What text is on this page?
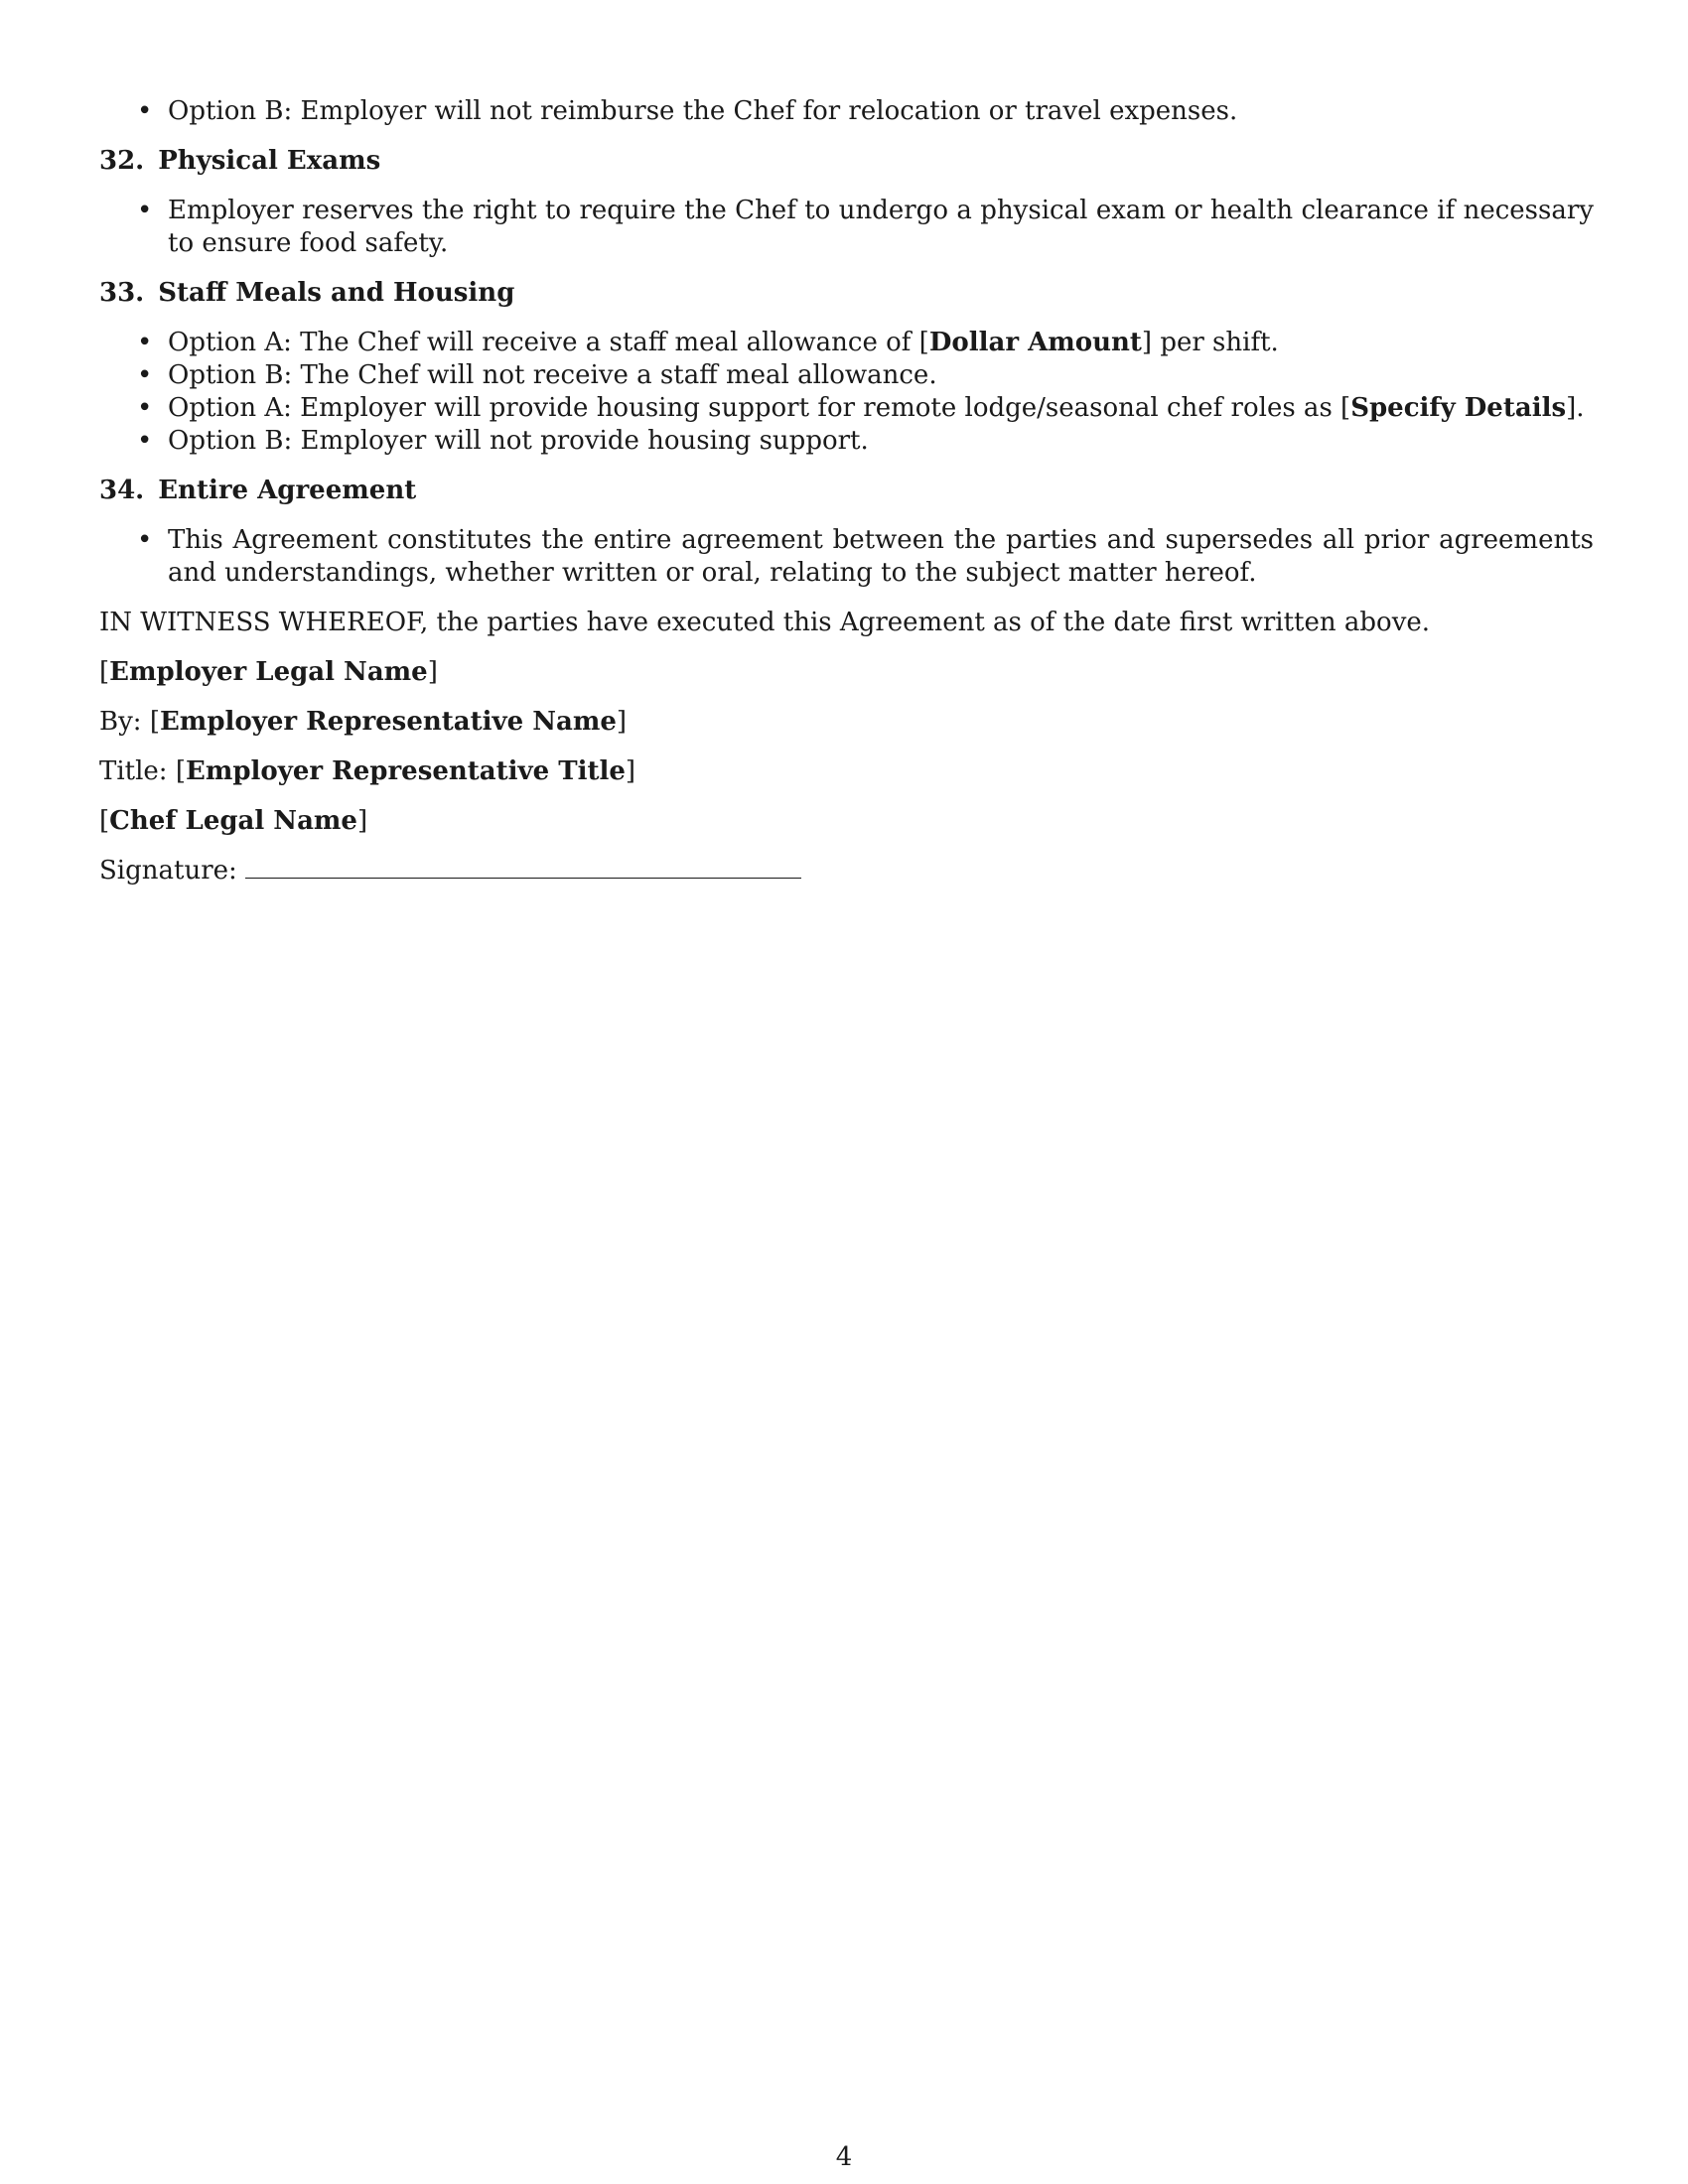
• Option B: Employer will not reimburse the Chef for relocation or travel expenses.
32. Physical Exams
• Employer reserves the right to require the Chef to undergo a physical exam or health clearance if necessary to ensure food safety.
33. Staff Meals and Housing
• Option A: The Chef will receive a staff meal allowance of [Dollar Amount] per shift.
• Option B: The Chef will not receive a staff meal allowance.
• Option A: Employer will provide housing support for remote lodge/seasonal chef roles as [Specify Details].
• Option B: Employer will not provide housing support.
34. Entire Agreement
• This Agreement constitutes the entire agreement between the parties and supersedes all prior agreements and understandings, whether written or oral, relating to the subject matter hereof.

IN WITNESS WHEREOF, the parties have executed this Agreement as of the date first written above.

[Employer Legal Name]

By: [Employer Representative Name]

Title: [Employer Representative Title]

[Chef Legal Name]

Signature:

4
